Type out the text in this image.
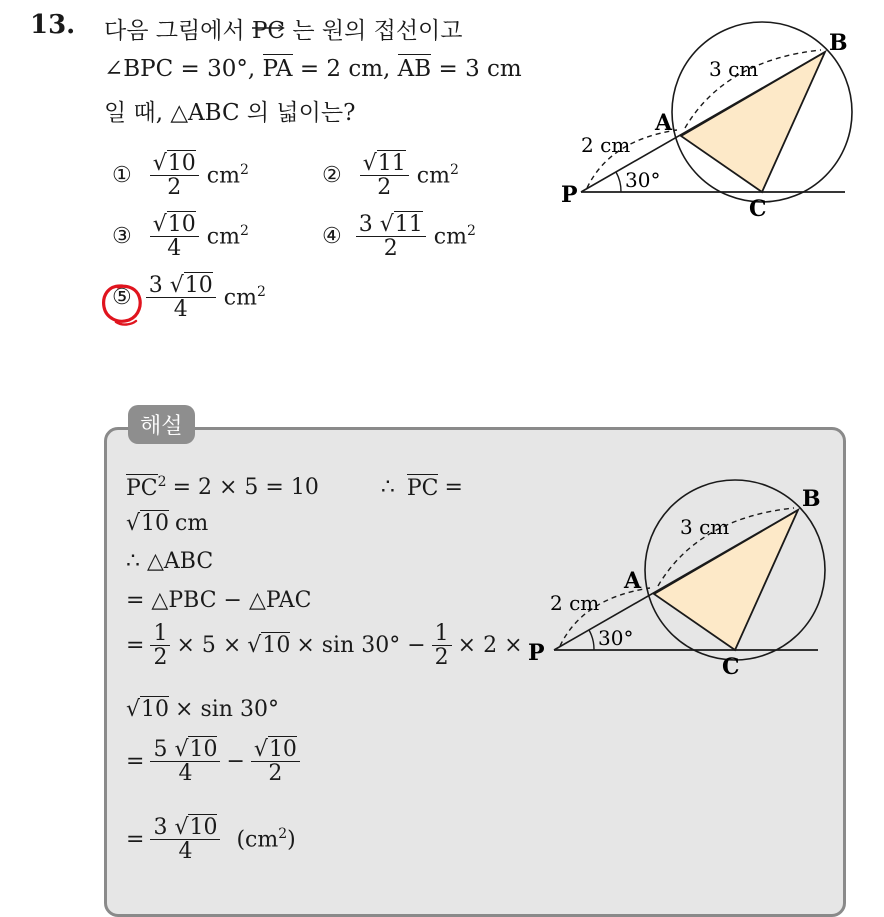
13. 다음 그림에서 PC 는 원의 접선이고
∠BPC = 30°, PA = 2 cm, AB = 3 cm
일 때, △ABC 의 넓이는?
① $\frac{√10}{2} cm^2$	② $\frac{√11}{2} cm^2$
③ $\frac{√10}{4} cm^2$	④ $\frac{3 √11}{2} cm^2$
⑤ $\frac{3 √10}{4} cm^2$
P
A
B
C
2 cm
3 cm
30°
해설
$PC^2 = 2 \times 5 = 10$	∴ PC =
√10 cm
∴ △ABC
= △PBC − △PAC
= $\frac{1}{2} \times 5 \times √10 \times \sin 30^\circ - \frac{1}{2} \times 2$ ×
√10 × sin 30°
= $\frac{5 √10}{4} - \frac{√10}{2}$
= $\frac{3 √10}{4} (cm^2)$
P
A
B
C
2 cm
3 cm
30°
